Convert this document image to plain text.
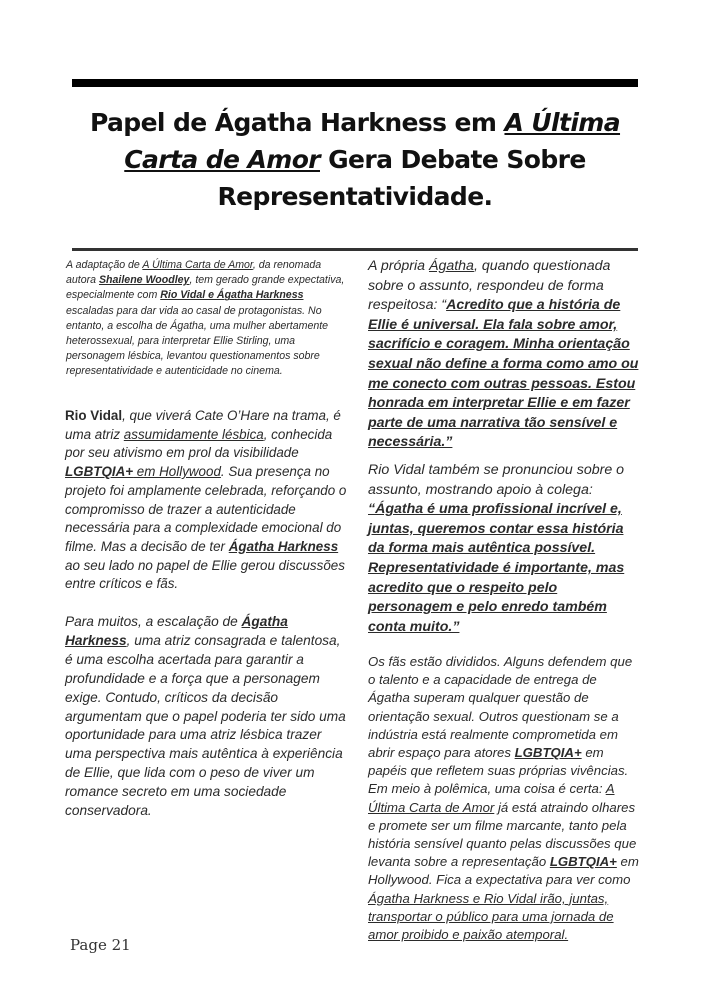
Papel de Ágatha Harkness em A Última Carta de Amor Gera Debate Sobre Representatividade.

A adaptação de A Última Carta de Amor, da renomada autora Shailene Woodley, tem gerado grande expectativa, especialmente com Rio Vidal e Ágatha Harkness escaladas para dar vida ao casal de protagonistas. No entanto, a escolha de Ágatha, uma mulher abertamente heterossexual, para interpretar Ellie Stirling, uma personagem lésbica, levantou questionamentos sobre representatividade e autenticidade no cinema.

Rio Vidal, que viverá Cate O’Hare na trama, é uma atriz assumidamente lésbica, conhecida por seu ativismo em prol da visibilidade LGBTQIA+ em Hollywood. Sua presença no projeto foi amplamente celebrada, reforçando o compromisso de trazer a autenticidade necessária para a complexidade emocional do filme. Mas a decisão de ter Ágatha Harkness ao seu lado no papel de Ellie gerou discussões entre críticos e fãs.

Para muitos, a escalação de Ágatha Harkness, uma atriz consagrada e talentosa, é uma escolha acertada para garantir a profundidade e a força que a personagem exige. Contudo, críticos da decisão argumentam que o papel poderia ter sido uma oportunidade para uma atriz lésbica trazer uma perspectiva mais autêntica à experiência de Ellie, que lida com o peso de viver um romance secreto em uma sociedade conservadora.

A própria Ágatha, quando questionada sobre o assunto, respondeu de forma respeitosa: “Acredito que a história de Ellie é universal. Ela fala sobre amor, sacrifício e coragem. Minha orientação sexual não define a forma como amo ou me conecto com outras pessoas. Estou honrada em interpretar Ellie e em fazer parte de uma narrativa tão sensível e necessária.”

Rio Vidal também se pronunciou sobre o assunto, mostrando apoio à colega: “Ágatha é uma profissional incrível e, juntas, queremos contar essa história da forma mais autêntica possível. Representatividade é importante, mas acredito que o respeito pelo personagem e pelo enredo também conta muito.”

Os fãs estão divididos. Alguns defendem que o talento e a capacidade de entrega de Ágatha superam qualquer questão de orientação sexual. Outros questionam se a indústria está realmente comprometida em abrir espaço para atores LGBTQIA+ em papéis que refletem suas próprias vivências. Em meio à polêmica, uma coisa é certa: A Última Carta de Amor já está atraindo olhares e promete ser um filme marcante, tanto pela história sensível quanto pelas discussões que levanta sobre a representação LGBTQIA+ em Hollywood. Fica a expectativa para ver como Ágatha Harkness e Rio Vidal irão, juntas, transportar o público para uma jornada de amor proibido e paixão atemporal.

Page 21
